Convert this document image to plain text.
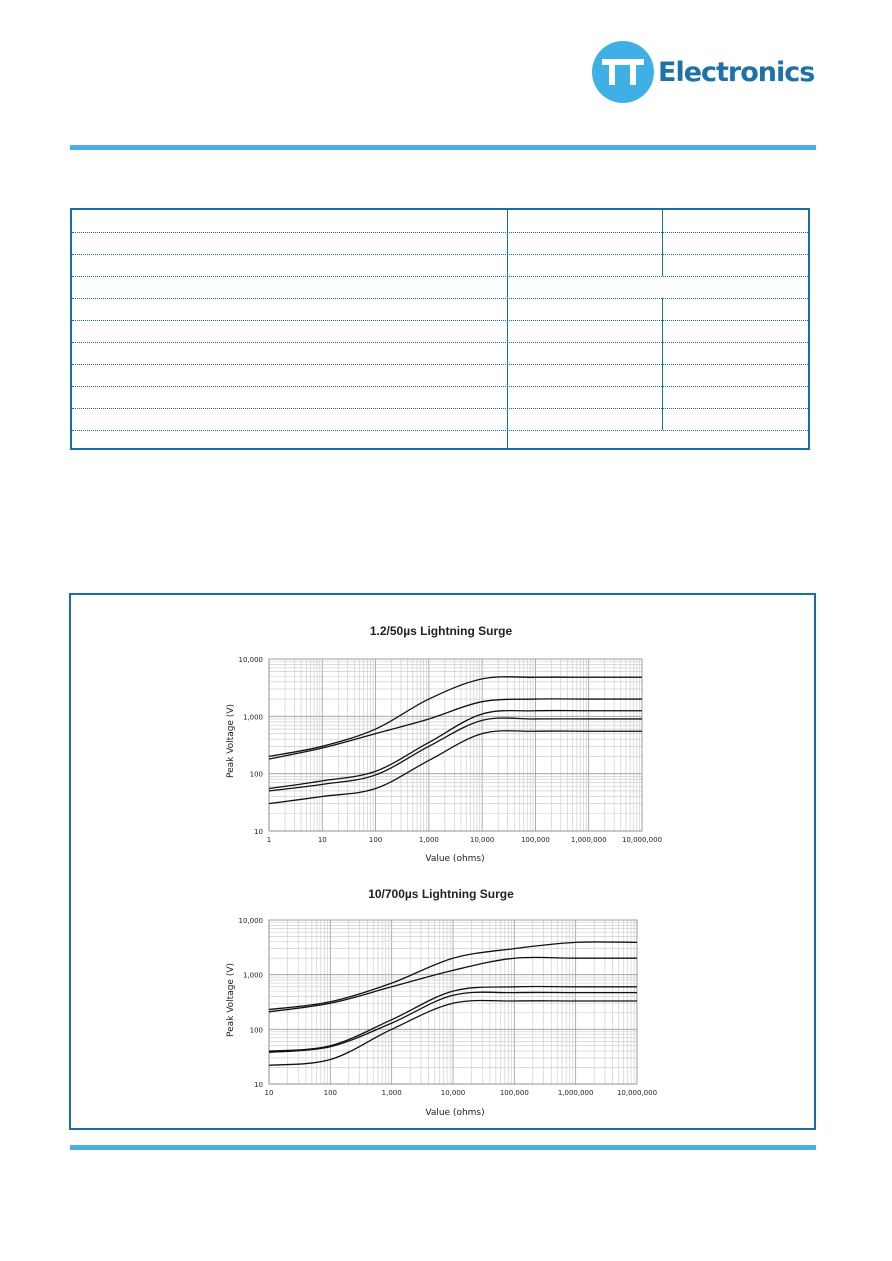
Electronics
1.2/50µs Lightning Surge
1	10	100	1,000	10,000	100,000	1,000,000 10,000,000
10
100
1,000
10,000
Value (ohms)
Peak Voltage (V)
10/700µs Lightning Surge
10	100	1,000	10,000	100,000	1,000,000	10,000,000
10
100
1,000
10,000
Value (ohms)
Peak Voltage (V)
